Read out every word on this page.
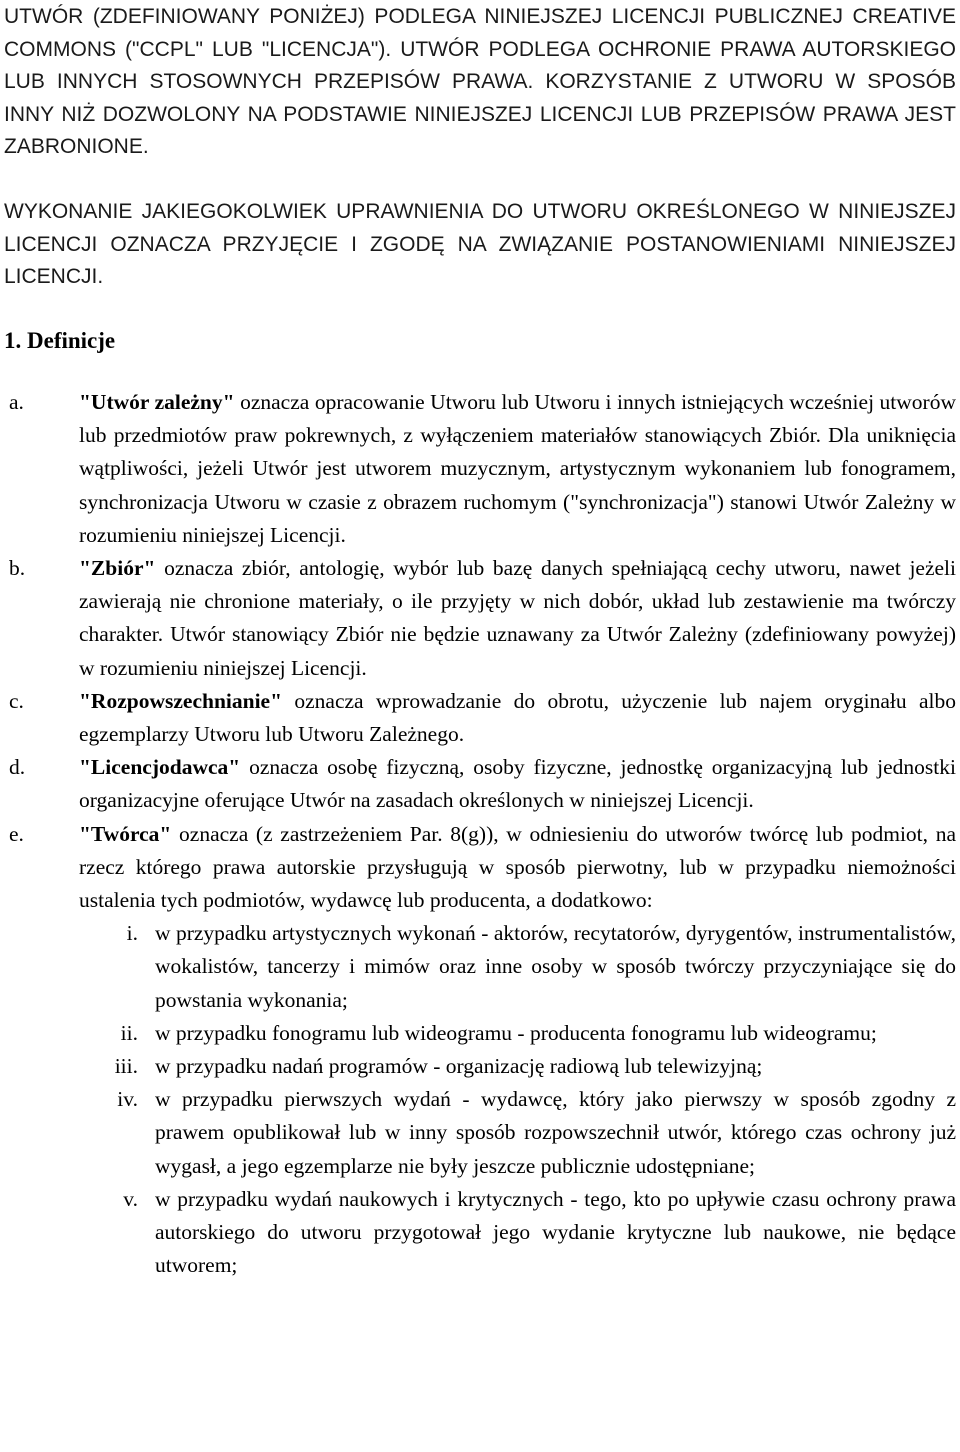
UTWÓR (ZDEFINIOWANY PONIŻEJ) PODLEGA NINIEJSZEJ LICENCJI PUBLICZNEJ CREATIVE COMMONS ("CCPL" LUB "LICENCJA"). UTWÓR PODLEGA OCHRONIE PRAWA AUTORSKIEGO LUB INNYCH STOSOWNYCH PRZEPISÓW PRAWA. KORZYSTANIE Z UTWORU W SPOSÓB INNY NIŻ DOZWOLONY NA PODSTAWIE NINIEJSZEJ LICENCJI LUB PRZEPISÓW PRAWA JEST ZABRONIONE.

WYKONANIE JAKIEGOKOLWIEK UPRAWNIENIA DO UTWORU OKREŚLONEGO W NINIEJSZEJ LICENCJI OZNACZA PRZYJĘCIE I ZGODĘ NA ZWIĄZANIE POSTANOWIENIAMI NINIEJSZEJ LICENCJI.

1. Definicje
a.	"Utwór zależny" oznacza opracowanie Utworu lub Utworu i innych istniejących wcześniej utworów lub przedmiotów praw pokrewnych, z wyłączeniem materiałów stanowiących Zbiór. Dla uniknięcia wątpliwości, jeżeli Utwór jest utworem muzycznym, artystycznym wykonaniem lub fonogramem, synchronizacja Utworu w czasie z obrazem ruchomym ("synchronizacja") stanowi Utwór Zależny w rozumieniu niniejszej Licencji.
b.	"Zbiór" oznacza zbiór, antologię, wybór lub bazę danych spełniającą cechy utworu, nawet jeżeli zawierają nie chronione materiały, o ile przyjęty w nich dobór, układ lub zestawienie ma twórczy charakter. Utwór stanowiący Zbiór nie będzie uznawany za Utwór Zależny (zdefiniowany powyżej) w rozumieniu niniejszej Licencji.
c.	"Rozpowszechnianie" oznacza wprowadzanie do obrotu, użyczenie lub najem oryginału albo egzemplarzy Utworu lub Utworu Zależnego.
d.	"Licencjodawca" oznacza osobę fizyczną, osoby fizyczne, jednostkę organizacyjną lub jednostki organizacyjne oferujące Utwór na zasadach określonych w niniejszej Licencji.
e.	"Twórca" oznacza (z zastrzeżeniem Par. 8(g)), w odniesieniu do utworów twórcę lub podmiot, na rzecz którego prawa autorskie przysługują w sposób pierwotny, lub w przypadku niemożności ustalenia tych podmiotów, wydawcę lub producenta, a dodatkowo:
i. w przypadku artystycznych wykonań - aktorów, recytatorów, dyrygentów, instrumentalistów, wokalistów, tancerzy i mimów oraz inne osoby w sposób twórczy przyczyniające się do powstania wykonania;
ii. w przypadku fonogramu lub wideogramu - producenta fonogramu lub wideogramu;
iii. w przypadku nadań programów - organizację radiową lub telewizyjną;
iv. w przypadku pierwszych wydań - wydawcę, który jako pierwszy w sposób zgodny z prawem opublikował lub w inny sposób rozpowszechnił utwór, którego czas ochrony już wygasł, a jego egzemplarze nie były jeszcze publicznie udostępniane;
v. w przypadku wydań naukowych i krytycznych - tego, kto po upływie czasu ochrony prawa autorskiego do utworu przygotował jego wydanie krytyczne lub naukowe, nie będące utworem;
